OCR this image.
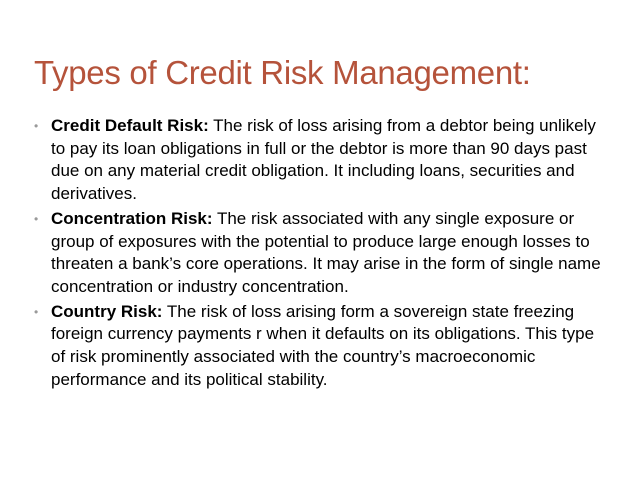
Types of Credit Risk Management:

• Credit Default Risk: The risk of loss arising from a debtor being unlikely to pay its loan obligations in full or the debtor is more than 90 days past due on any material credit obligation. It including loans, securities and derivatives.

• Concentration Risk: The risk associated with any single exposure or group of exposures with the potential to produce large enough losses to threaten a bank’s core operations. It may arise in the form of single name concentration or industry concentration.

• Country Risk: The risk of loss arising form a sovereign state freezing foreign currency payments r when it defaults on its obligations. This type of risk prominently associated with the country’s macroeconomic performance and its political stability.
